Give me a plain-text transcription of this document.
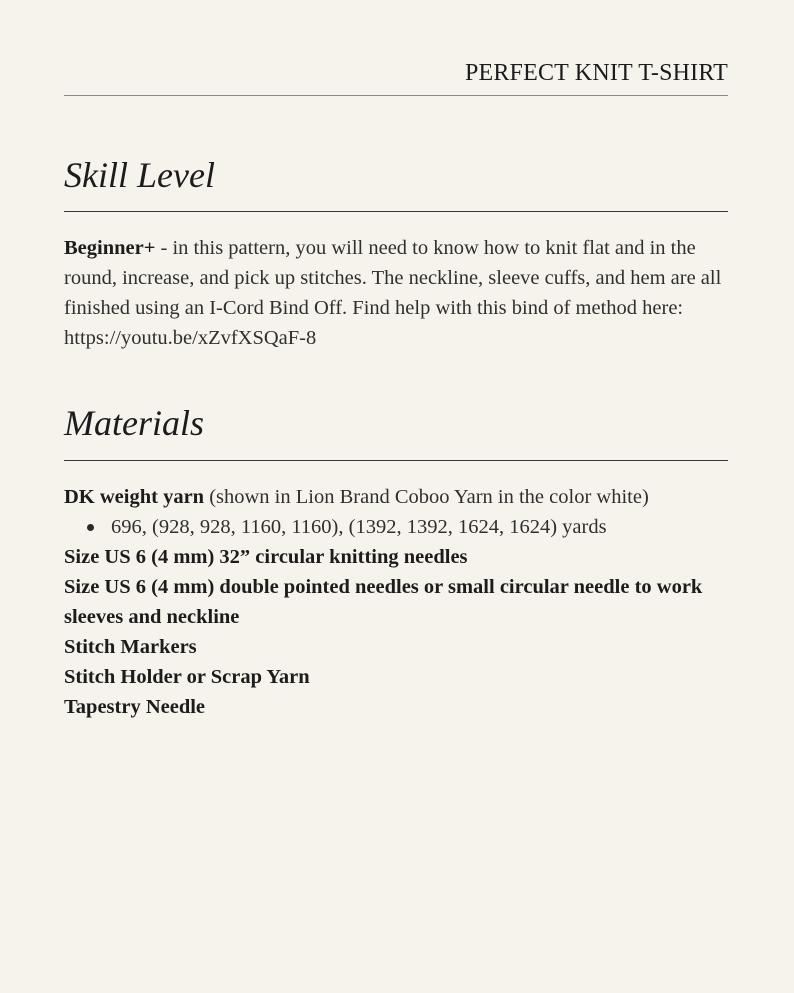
PERFECT KNIT T-SHIRT
Skill Level

Beginner+ - in this pattern, you will need to know how to knit flat and in the round, increase, and pick up stitches. The neckline, sleeve cuffs, and hem are all finished using an I-Cord Bind Off. Find help with this bind of method here: https://youtu.be/xZvfXSQaF-8

Materials
DK weight yarn (shown in Lion Brand Coboo Yarn in the color white)
696, (928, 928, 1160, 1160), (1392, 1392, 1624, 1624) yards
Size US 6 (4 mm) 32” circular knitting needles
Size US 6 (4 mm) double pointed needles or small circular needle to work sleeves and neckline
Stitch Markers
Stitch Holder or Scrap Yarn
Tapestry Needle
